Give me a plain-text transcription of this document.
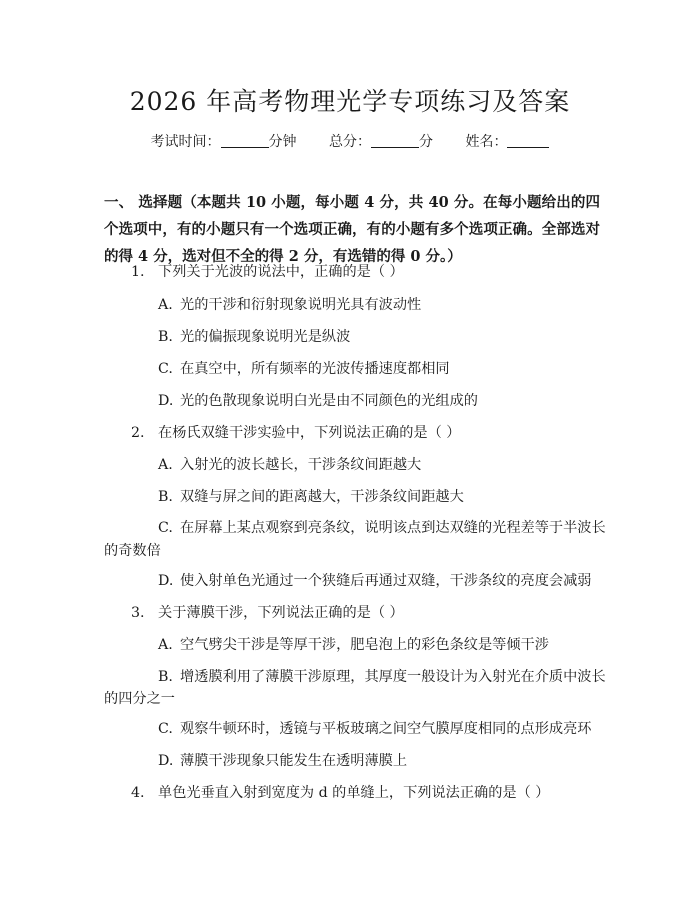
2026 年高考物理光学专项练习及答案
考试时间：	分钟 总分：	分 姓名：
一、 选择题（本题共 10 小题，每小题 4 分，共 40 分。在每小题给出的四个选项中，有的小题只有一个选项正确，有的小题有多个选项正确。全部选对的得 4 分，选对但不全的得 2 分，有选错的得 0 分。）
1. 下列关于光波的说法中，正确的是（ ）
A. 光的干涉和衍射现象说明光具有波动性
B. 光的偏振现象说明光是纵波
C. 在真空中，所有频率的光波传播速度都相同
D. 光的色散现象说明白光是由不同颜色的光组成的
2. 在杨氏双缝干涉实验中，下列说法正确的是（ ）
A. 入射光的波长越长，干涉条纹间距越大
B. 双缝与屏之间的距离越大，干涉条纹间距越大
C. 在屏幕上某点观察到亮条纹，说明该点到达双缝的光程差等于半波长
的奇数倍
D. 使入射单色光通过一个狭缝后再通过双缝，干涉条纹的亮度会减弱
3. 关于薄膜干涉，下列说法正确的是（ ）
A. 空气劈尖干涉是等厚干涉，肥皂泡上的彩色条纹是等倾干涉
B. 增透膜利用了薄膜干涉原理，其厚度一般设计为入射光在介质中波长
的四分之一
C. 观察牛顿环时，透镜与平板玻璃之间空气膜厚度相同的点形成亮环
D. 薄膜干涉现象只能发生在透明薄膜上
4. 单色光垂直入射到宽度为 d 的单缝上，下列说法正确的是（ ）
